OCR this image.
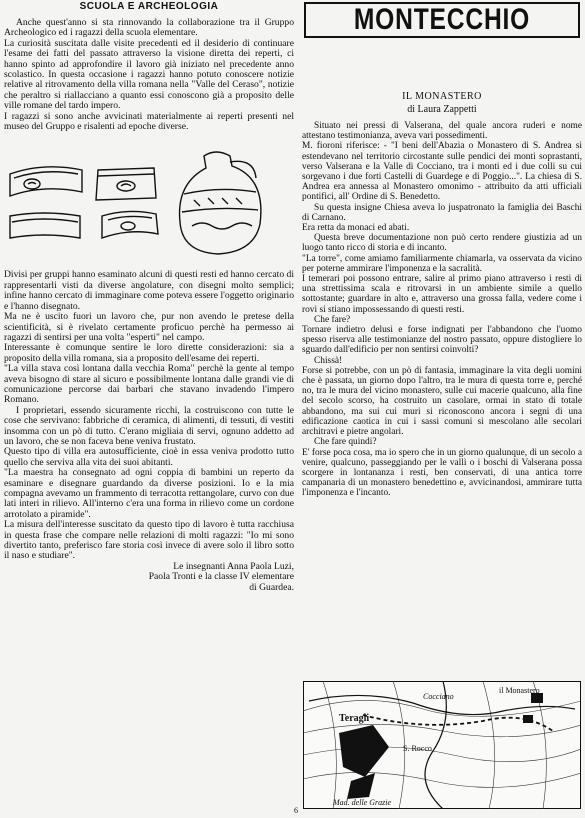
SCUOLA E ARCHEOLOGIA

Anche quest'anno si sta rinnovando la collaborazione tra il Gruppo Archeologico ed i ragazzi della scuola elementare.

La curiosità suscitata dalle visite precedenti ed il desiderio di continuare l'esame dei fatti del passato attraverso la visione diretta dei reperti, ci hanno spinto ad approfondire il lavoro già iniziato nel precedente anno scolastico. In questa occasione i ragazzi hanno potuto conoscere notizie relative al ritrovamento della villa romana nella "Valle del Ceraso", notizie che peraltro si riallacciano a quanto essi conoscono già a proposito delle ville romane del tardo impero.

I ragazzi si sono anche avvicinati materialmente ai reperti presenti nel museo del Gruppo e risalenti ad epoche diverse.

Divisi per gruppi hanno esaminato alcuni di questi resti ed hanno cercato di rappresentarli visti da diverse angolature, con disegni molto semplici; infine hanno cercato di immaginare come poteva essere l'oggetto originario e l'hanno disegnato.

Ma ne è uscito fuori un lavoro che, pur non avendo le pretese della scientificità, si è rivelato certamente proficuo perchè ha permesso ai ragazzi di sentirsi per una volta "esperti" nel campo.

Interessante è comunque sentire le loro dirette considerazioni: sia a proposito della villa romana, sia a proposito dell'esame dei reperti.

"La villa stava così lontana dalla vecchia Roma" perchè la gente al tempo aveva bisogno di stare al sicuro e possibilmente lontana dalle grandi vie di comunicazione percorse dai barbari che stavano invadendo l'impero Romano.

I proprietari, essendo sicuramente ricchi, la costruiscono con tutte le cose che servivano: fabbriche di ceramica, di alimenti, di tessuti, di vestiti insomma con un pò di tutto. C'erano migliaia di servi, ognuno addetto ad un lavoro, che se non faceva bene veniva frustato.

Questo tipo di villa era autosufficiente, cioè in essa veniva prodotto tutto quello che serviva alla vita dei suoi abitanti.

"La maestra ha consegnato ad ogni coppia di bambini un reperto da esaminare e disegnare guardando da diverse posizioni. Io e la mia compagna avevamo un frammento di terracotta rettangolare, curvo con due lati interi in rilievo. All'interno c'era una forma in rilievo come un cordone arrotolato a piramide".

La misura dell'interesse suscitato da questo tipo di lavoro è tutta racchiusa in questa frase che compare nelle relazioni di molti ragazzi: "Io mi sono divertito tanto, preferisco fare storia così invece di avere solo il libro sotto il naso e studiare".

Le insegnanti Anna Paola Luzi,

Paola Tronti e la classe IV elementare

di Guardea.

MONTECCHIO

IL MONASTERO

di Laura Zappetti

Situato nei pressi di Valserana, del quale ancora ruderi e nome attestano testimonianza, aveva vari possedimenti.

M. fioroni riferisce: - "I beni dell'Abazia o Monastero di S. Andrea si estendevano nel territorio circostante sulle pendici dei monti soprastanti, verso Valserana e la Valle di Cocciano, tra i monti ed i due colli su cui sorgevano i due forti Castelli di Guardege e di Poggio...". La chiesa di S. Andrea era annessa al Monastero omonimo - attribuito da atti ufficiali pontifici, all' Ordine di S. Benedetto.

Su questa insigne Chiesa aveva lo juspatronato la famiglia dei Baschi di Carnano.

Era retta da monaci ed abati.

Questa breve documentazione non può certo rendere giustizia ad un luogo tanto ricco di storia e di incanto.

"La torre", come amiamo familiarmente chiamarla, va osservata da vicino per poterne ammirare l'imponenza e la sacralità.

I temerari poi possono entrare, salire al primo piano attraverso i resti di una strettissima scala e ritrovarsi in un ambiente simile a quello sottostante; guardare in alto e, attraverso una grossa falla, vedere come i rovi si stiano impossessando di questi resti.

Che fare?

Tornare indietro delusi e forse indignati per l'abbandono che l'uomo spesso riserva alle testimonianze del nostro passato, oppure distogliere lo sguardo dall'edificio per non sentirsi coinvolti?

Chissà!

Forse si potrebbe, con un pò di fantasia, immaginare la vita degli uomini che è passata, un giorno dopo l'altro, tra le mura di questa torre e, perché no, tra le mura del vicino monastero, sulle cui macerie qualcuno, alla fine del secolo scorso, ha costruito un casolare, ormai in stato di totale abbandono, ma sui cui muri si riconoscono ancora i segni di una edificazione caotica in cui i sassi comuni si mescolano alle secolari architravi e pietre angolari.

Che fare quindi?

E' forse poca cosa, ma io spero che in un giorno qualunque, di un secolo a venire, qualcuno, passeggiando per le vallì o i boschi di Valserana possa scorgere in lontananza i resti, ben conservati, di una antica torre campanaria di un monastero benedettino e, avvicinandosi, ammirare tutta l'imponenza e l'incanto.

il Monastero
Teragli
S. Rocco
Mad. delle Grazie
Cocciano

6
